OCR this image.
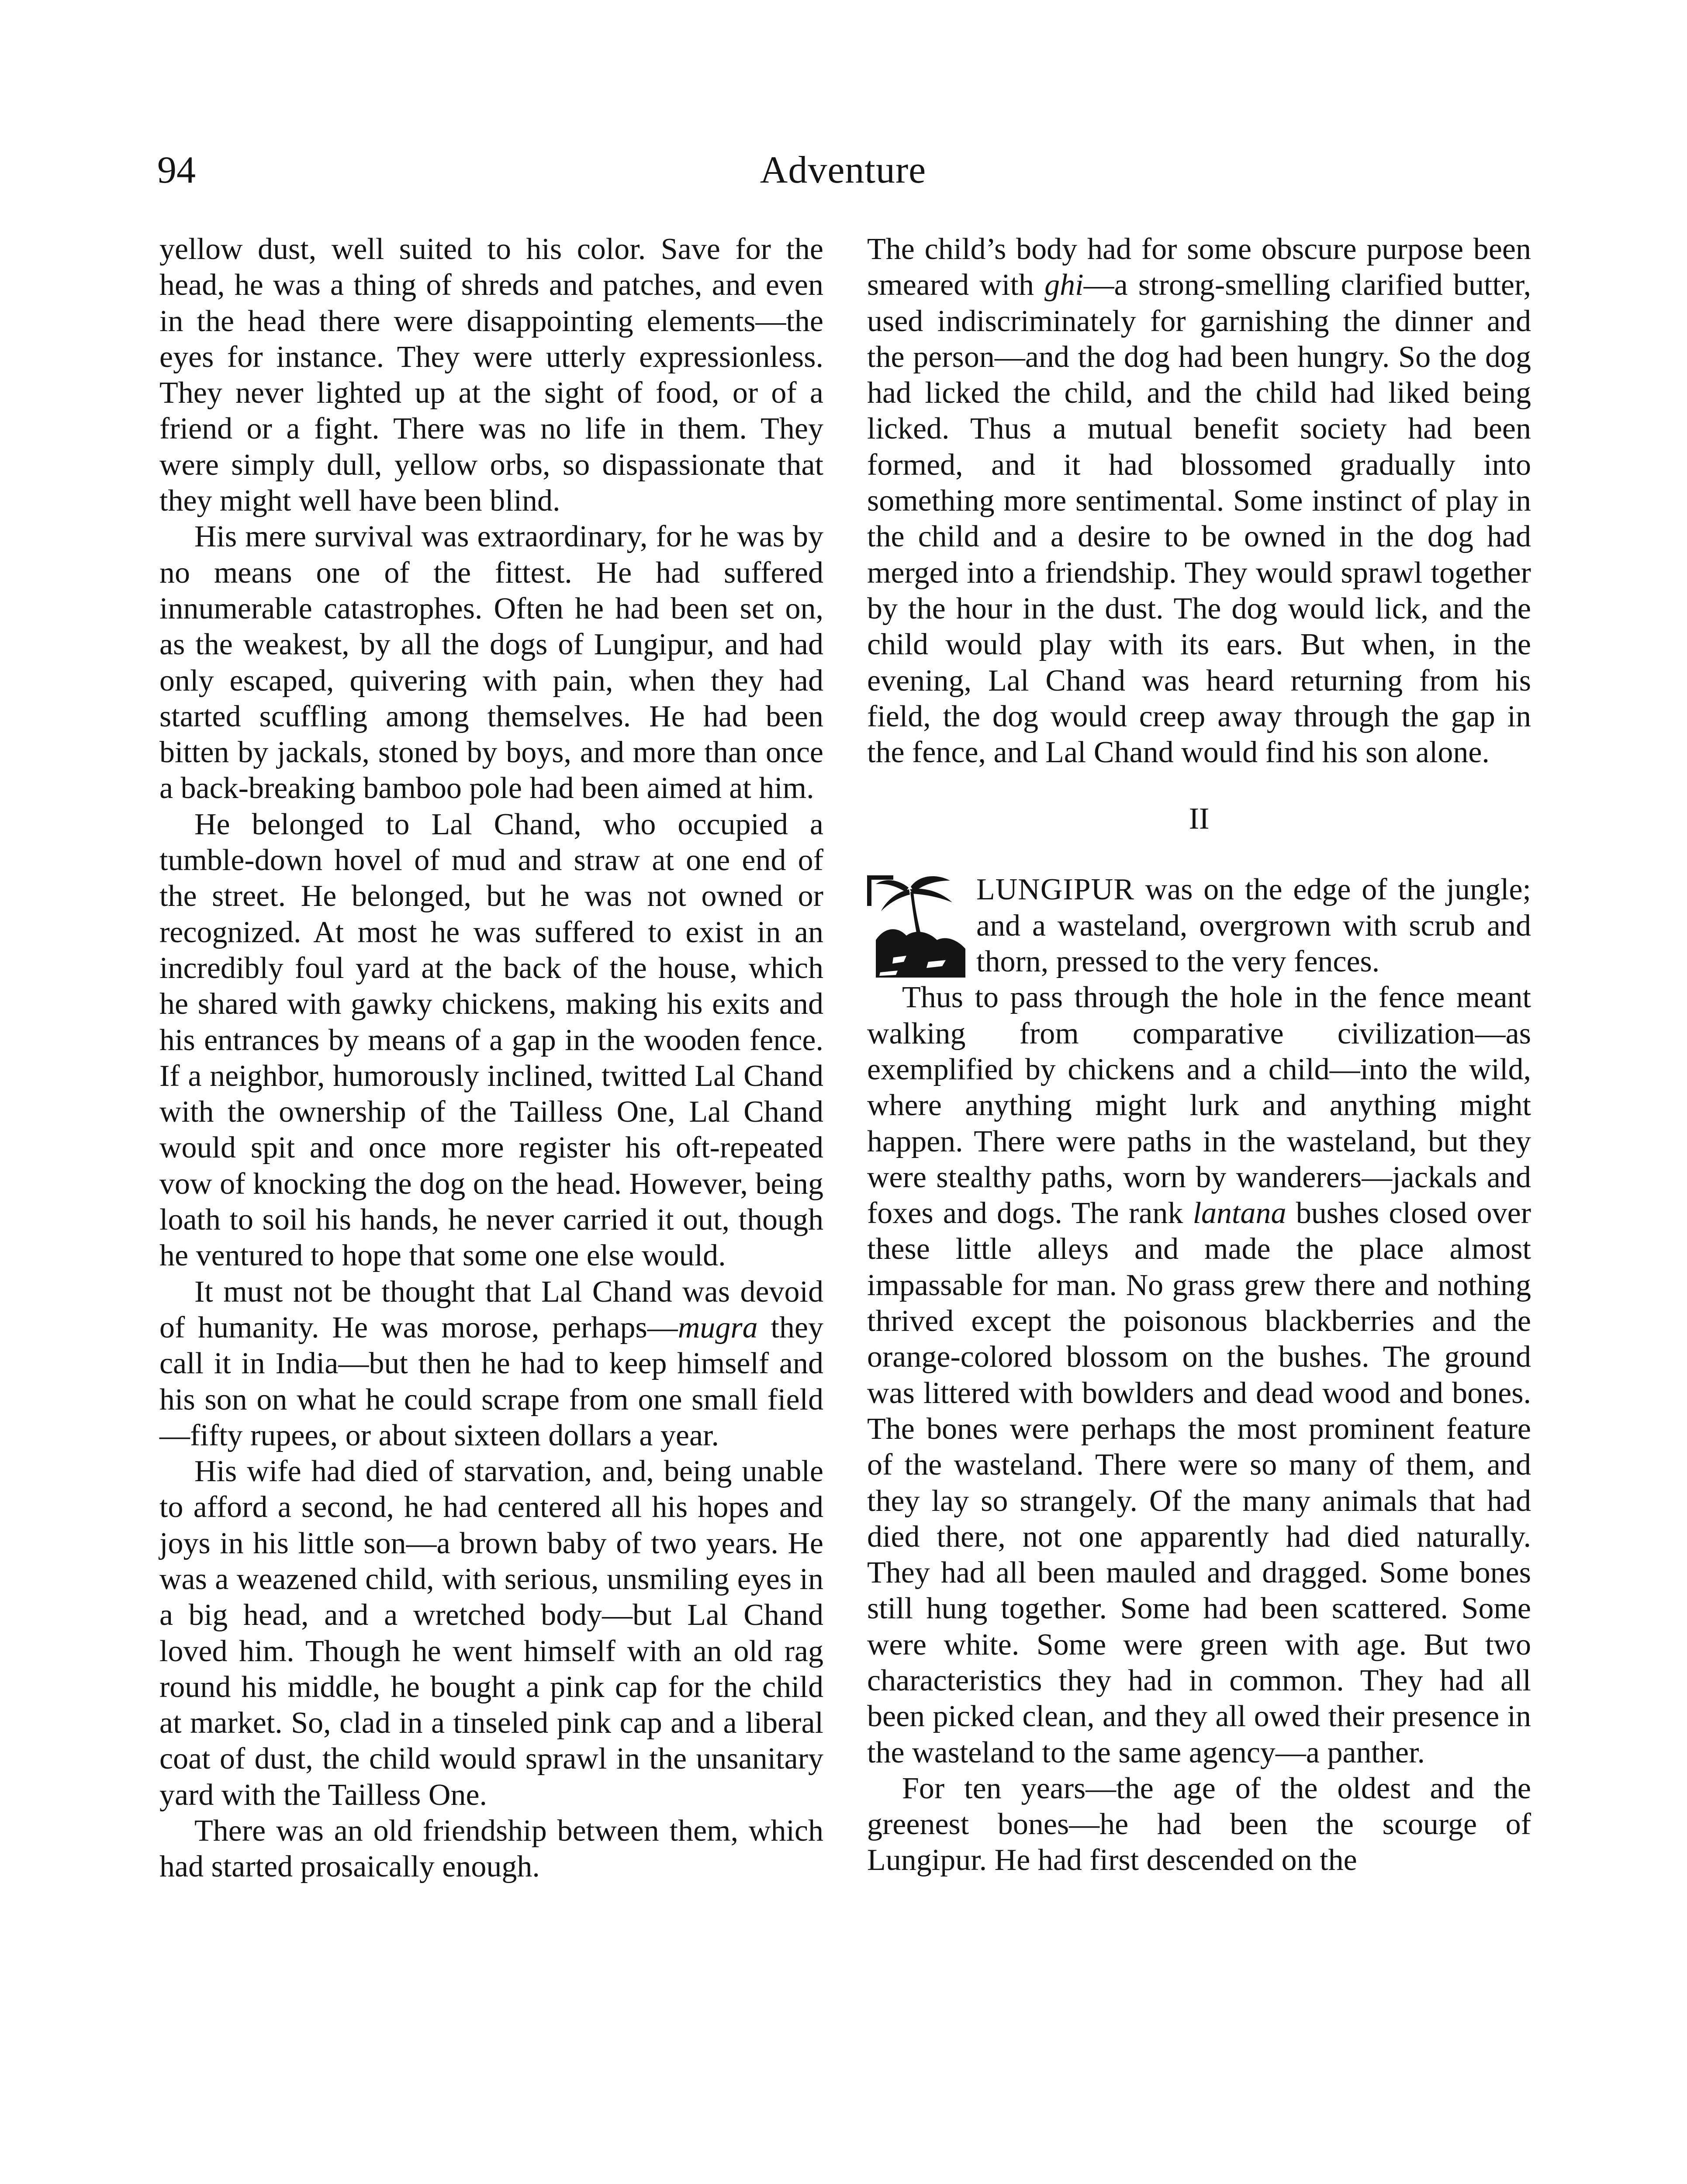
94	Adventure

yellow dust, well suited to his color. Save for the head, he was a thing of shreds and patches, and even in the head there were disappointing elements—the eyes for instance. They were utterly expressionless. They never lighted up at the sight of food, or of a friend or a fight. There was no life in them. They were simply dull, yellow orbs, so dispassionate that they might well have been blind.

His mere survival was extraordinary, for he was by no means one of the fittest. He had suffered innumerable catastrophes. Often he had been set on, as the weakest, by all the dogs of Lungipur, and had only escaped, quivering with pain, when they had started scuffling among themselves. He had been bitten by jackals, stoned by boys, and more than once a back-breaking bamboo pole had been aimed at him.

He belonged to Lal Chand, who occupied a tumble-down hovel of mud and straw at one end of the street. He belonged, but he was not owned or recognized. At most he was suffered to exist in an incredibly foul yard at the back of the house, which he shared with gawky chickens, making his exits and his entrances by means of a gap in the wooden fence. If a neighbor, humorously inclined, twitted Lal Chand with the ownership of the Tailless One, Lal Chand would spit and once more register his oft-repeated vow of knocking the dog on the head. However, being loath to soil his hands, he never carried it out, though he ventured to hope that some one else would.

It must not be thought that Lal Chand was devoid of humanity. He was morose, perhaps—mugra they call it in India—but then he had to keep himself and his son on what he could scrape from one small field—fifty rupees, or about sixteen dollars a year.

His wife had died of starvation, and, being unable to afford a second, he had centered all his hopes and joys in his little son—a brown baby of two years. He was a weazened child, with serious, unsmiling eyes in a big head, and a wretched body—but Lal Chand loved him. Though he went himself with an old rag round his middle, he bought a pink cap for the child at market. So, clad in a tinseled pink cap and a liberal coat of dust, the child would sprawl in the unsanitary yard with the Tailless One.

There was an old friendship between them, which had started prosaically enough.

The child’s body had for some obscure purpose been smeared with ghi—a strong-smelling clarified butter, used indiscriminately for garnishing the dinner and the person—and the dog had been hungry. So the dog had licked the child, and the child had liked being licked. Thus a mutual benefit society had been formed, and it had blossomed gradually into something more sentimental. Some instinct of play in the child and a desire to be owned in the dog had merged into a friendship. They would sprawl together by the hour in the dust. The dog would lick, and the child would play with its ears. But when, in the evening, Lal Chand was heard returning from his field, the dog would creep away through the gap in the fence, and Lal Chand would find his son alone.

II

LUNGIPUR was on the edge of the jungle; and a wasteland, overgrown with scrub and thorn, pressed to the very fences.

Thus to pass through the hole in the fence meant walking from comparative civilization—as exemplified by chickens and a child—into the wild, where anything might lurk and anything might happen. There were paths in the wasteland, but they were stealthy paths, worn by wanderers—jackals and foxes and dogs. The rank lantana bushes closed over these little alleys and made the place almost impassable for man. No grass grew there and nothing thrived except the poisonous blackberries and the orange-colored blossom on the bushes. The ground was littered with bowlders and dead wood and bones. The bones were perhaps the most prominent feature of the wasteland. There were so many of them, and they lay so strangely. Of the many animals that had died there, not one apparently had died naturally. They had all been mauled and dragged. Some bones still hung together. Some had been scattered. Some were white. Some were green with age. But two characteristics they had in common. They had all been picked clean, and they all owed their presence in the wasteland to the same agency—a panther.

For ten years—the age of the oldest and the greenest bones—he had been the scourge of Lungipur. He had first descended on the
